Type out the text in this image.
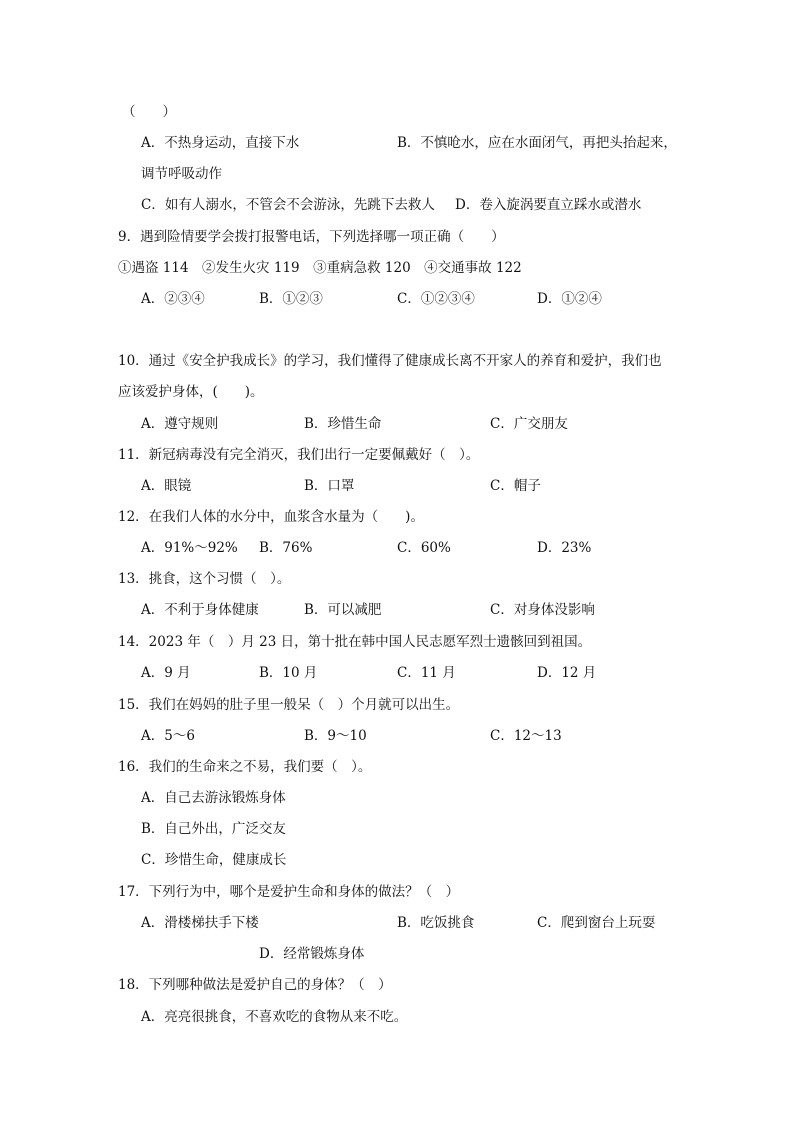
（　　）
A．不热身运动，直接下水	B．不慎呛水，应在水面闭气，再把头抬起来，
调节呼吸动作
C．如有人溺水，不管会不会游泳，先跳下去救人 D．卷入旋涡要直立踩水或潜水
9．遇到险情要学会拨打报警电话，下列选择哪一项正确（　　）
①遇盗 114　②发生火灾 119　③重病急救 120　④交通事故 122
A．②③④	B．①②③	C．①②③④	D．①②④
10．通过《安全护我成长》的学习，我们懂得了健康成长离不开家人的养育和爱护，我们也
应该爱护身体，(　　)。
A．遵守规则	B．珍惜生命	C．广交朋友
11．新冠病毒没有完全消灭，我们出行一定要佩戴好（　）。
A．眼镜	B．口罩	C．帽子
12．在我们人体的水分中，血浆含水量为（　　)。
A．91%～92% B．76%	C．60%	D．23%
13．挑食，这个习惯（　）。
A．不利于身体健康	B．可以减肥	C．对身体没影响
14．2023 年（　）月 23 日，第十批在韩中国人民志愿军烈士遗骸回到祖国。
A．9 月	B．10 月	C．11 月	D．12 月
15．我们在妈妈的肚子里一般呆（　）个月就可以出生。
A．5～6	B．9～10	C．12～13
16．我们的生命来之不易，我们要（　）。
A．自己去游泳锻炼身体
B．自己外出，广泛交友
C．珍惜生命，健康成长
17．下列行为中，哪个是爱护生命和身体的做法？（　）
A．滑楼梯扶手下楼	B．吃饭挑食	C．爬到窗台上玩耍
D．经常锻炼身体
18．下列哪种做法是爱护自己的身体？（　）
A．亮亮很挑食，不喜欢吃的食物从来不吃。
